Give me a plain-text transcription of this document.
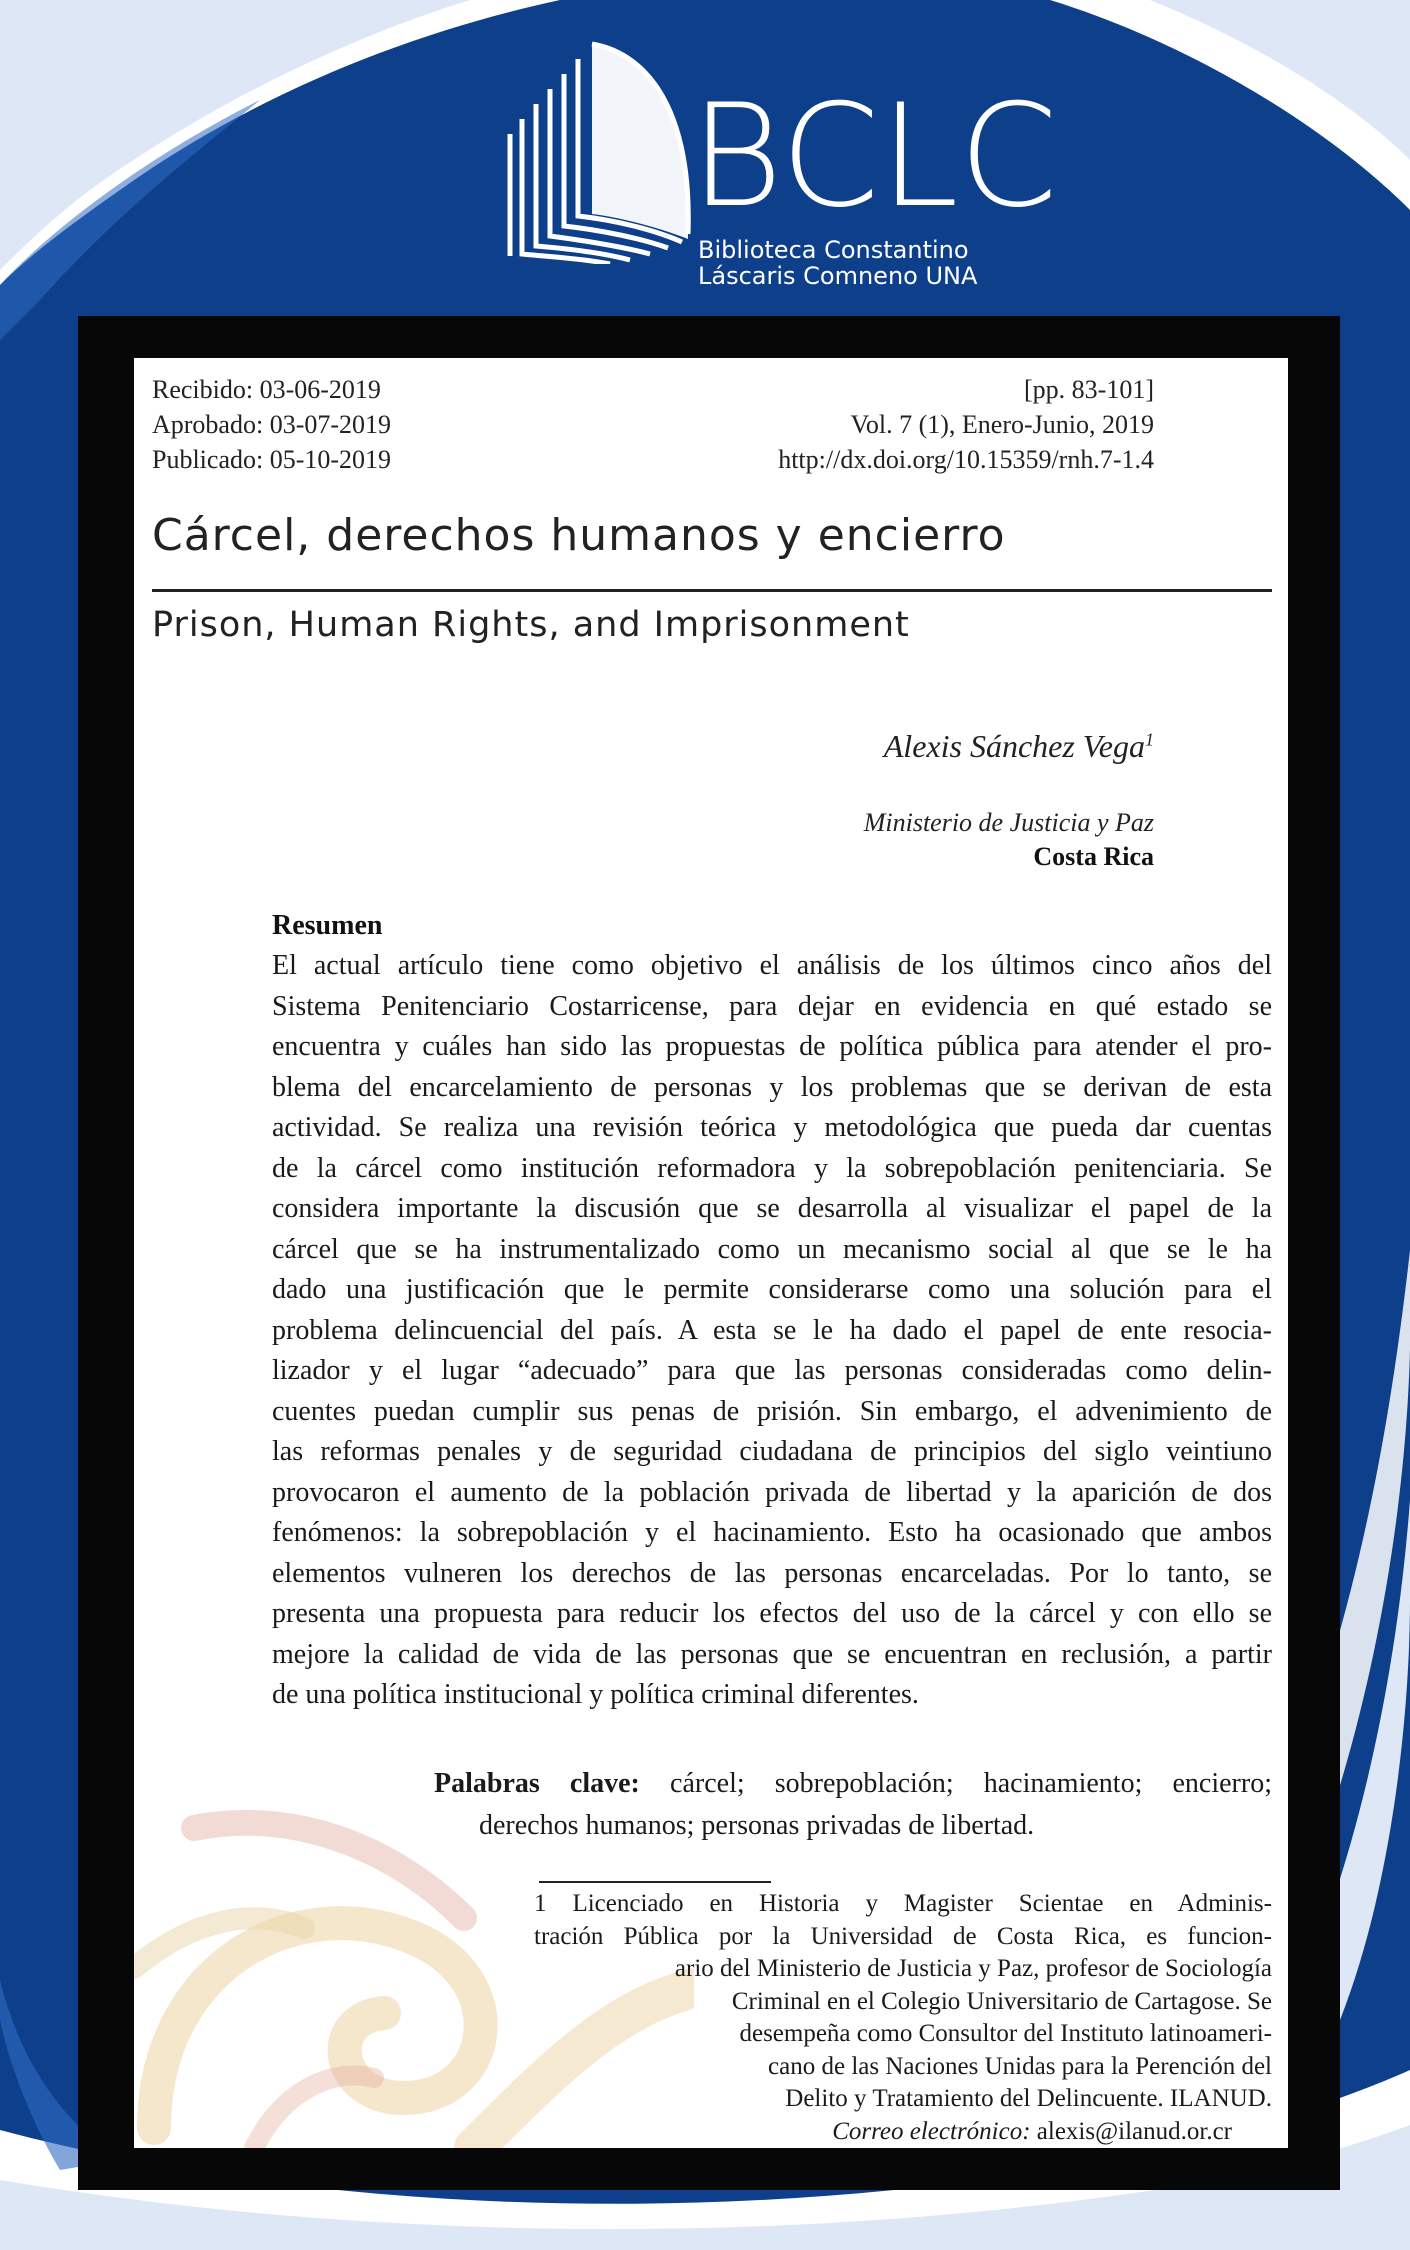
BCLC
Biblioteca Constantino
Láscaris Comneno UNA
Recibido: 03-06-2019
Aprobado: 03-07-2019
Publicado: 05-10-2019
[pp. 83-101]
Vol. 7 (1), Enero-Junio, 2019
http://dx.doi.org/10.15359/rnh.7-1.4
Cárcel, derechos humanos y encierro
Prison, Human Rights, and Imprisonment
Alexis Sánchez Vega$^1$
Ministerio de Justicia y Paz
Costa Rica
Resumen
El actual artículo tiene como objetivo el análisis de los últimos cinco años del
Sistema Penitenciario Costarricense, para dejar en evidencia en qué estado se
encuentra y cuáles han sido las propuestas de política pública para atender el pro-
blema del encarcelamiento de personas y los problemas que se derivan de esta
actividad. Se realiza una revisión teórica y metodológica que pueda dar cuentas
de la cárcel como institución reformadora y la sobrepoblación penitenciaria. Se
considera importante la discusión que se desarrolla al visualizar el papel de la
cárcel que se ha instrumentalizado como un mecanismo social al que se le ha
dado una justificación que le permite considerarse como una solución para el
problema delincuencial del país. A esta se le ha dado el papel de ente resocia-
lizador y el lugar “adecuado” para que las personas consideradas como delin-
cuentes puedan cumplir sus penas de prisión. Sin embargo, el advenimiento de
las reformas penales y de seguridad ciudadana de principios del siglo veintiuno
provocaron el aumento de la población privada de libertad y la aparición de dos
fenómenos: la sobrepoblación y el hacinamiento. Esto ha ocasionado que ambos
elementos vulneren los derechos de las personas encarceladas. Por lo tanto, se
presenta una propuesta para reducir los efectos del uso de la cárcel y con ello se
mejore la calidad de vida de las personas que se encuentran en reclusión, a partir
de una política institucional y política criminal diferentes.
Palabras clave: cárcel; sobrepoblación; hacinamiento; encierro;
derechos humanos; personas privadas de libertad.
1 Licenciado en Historia y Magister Scientae en Adminis-
tración Pública por la Universidad de Costa Rica, es funcion-
ario del Ministerio de Justicia y Paz, profesor de Sociología
Criminal en el Colegio Universitario de Cartagose. Se
desempeña como Consultor del Instituto latinoameri-
cano de las Naciones Unidas para la Perención del
Delito y Tratamiento del Delincuente. ILANUD.
Correo electrónico: alexis@ilanud.or.cr
